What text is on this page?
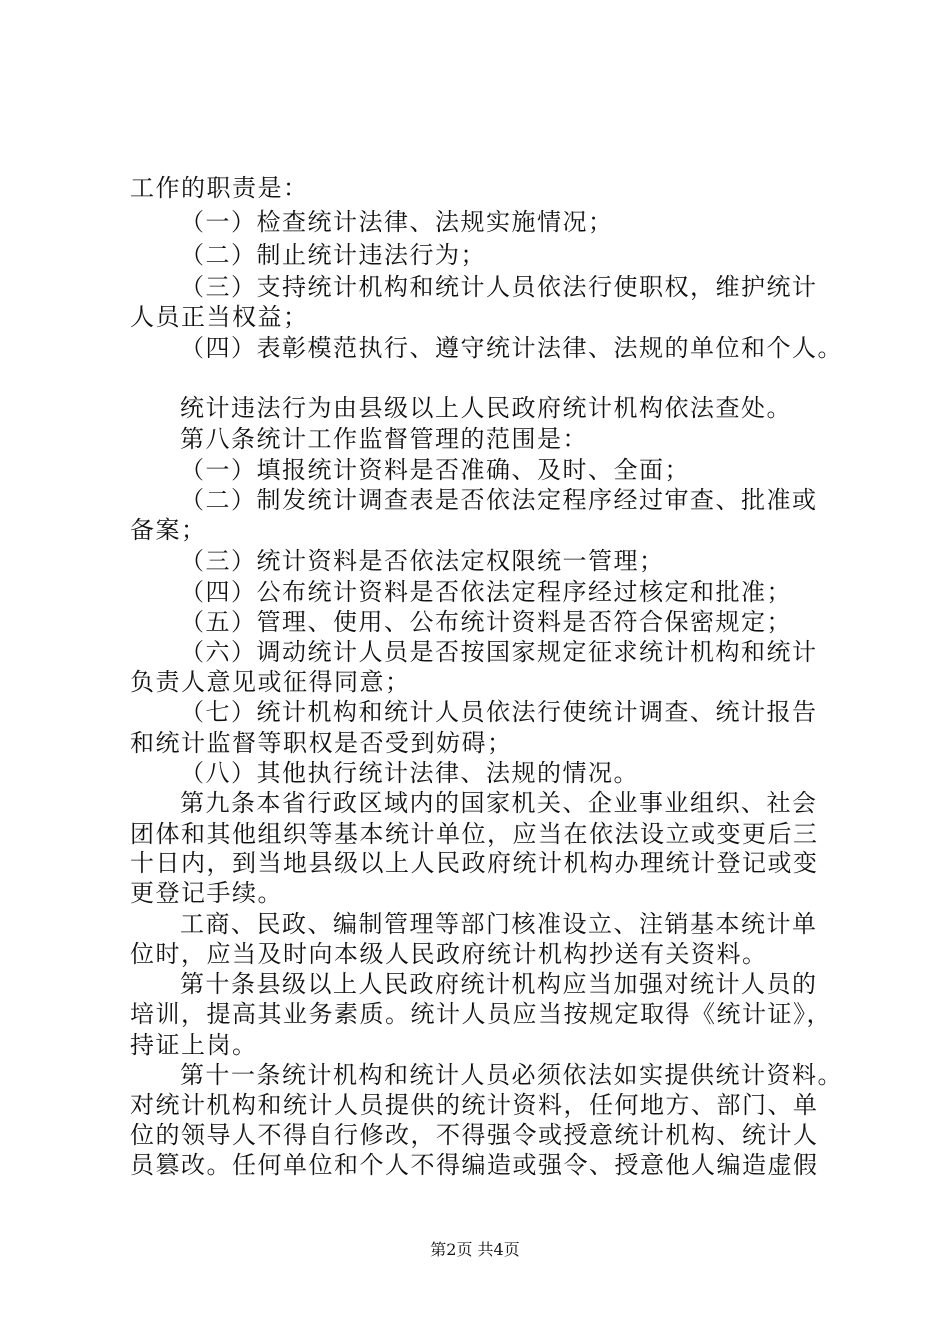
工作的职责是：
（一）检查统计法律、法规实施情况；
（二）制止统计违法行为；
（三）支持统计机构和统计人员依法行使职权，维护统计
人员正当权益；
（四）表彰模范执行、遵守统计法律、法规的单位和个人。
统计违法行为由县级以上人民政府统计机构依法查处。
第八条统计工作监督管理的范围是：
（一）填报统计资料是否准确、及时、全面；
（二）制发统计调查表是否依法定程序经过审查、批准或
备案；
（三）统计资料是否依法定权限统一管理；
（四）公布统计资料是否依法定程序经过核定和批准；
（五）管理、使用、公布统计资料是否符合保密规定；
（六）调动统计人员是否按国家规定征求统计机构和统计
负责人意见或征得同意；
（七）统计机构和统计人员依法行使统计调查、统计报告
和统计监督等职权是否受到妨碍；
（八）其他执行统计法律、法规的情况。
第九条本省行政区域内的国家机关、企业事业组织、社会
团体和其他组织等基本统计单位，应当在依法设立或变更后三
十日内，到当地县级以上人民政府统计机构办理统计登记或变
更登记手续。
工商、民政、编制管理等部门核准设立、注销基本统计单
位时，应当及时向本级人民政府统计机构抄送有关资料。
第十条县级以上人民政府统计机构应当加强对统计人员的
培训，提高其业务素质。统计人员应当按规定取得《统计证》，
持证上岗。
第十一条统计机构和统计人员必须依法如实提供统计资料。
对统计机构和统计人员提供的统计资料，任何地方、部门、单
位的领导人不得自行修改，不得强令或授意统计机构、统计人
员篡改。任何单位和个人不得编造或强令、授意他人编造虚假
第2页 共4页
